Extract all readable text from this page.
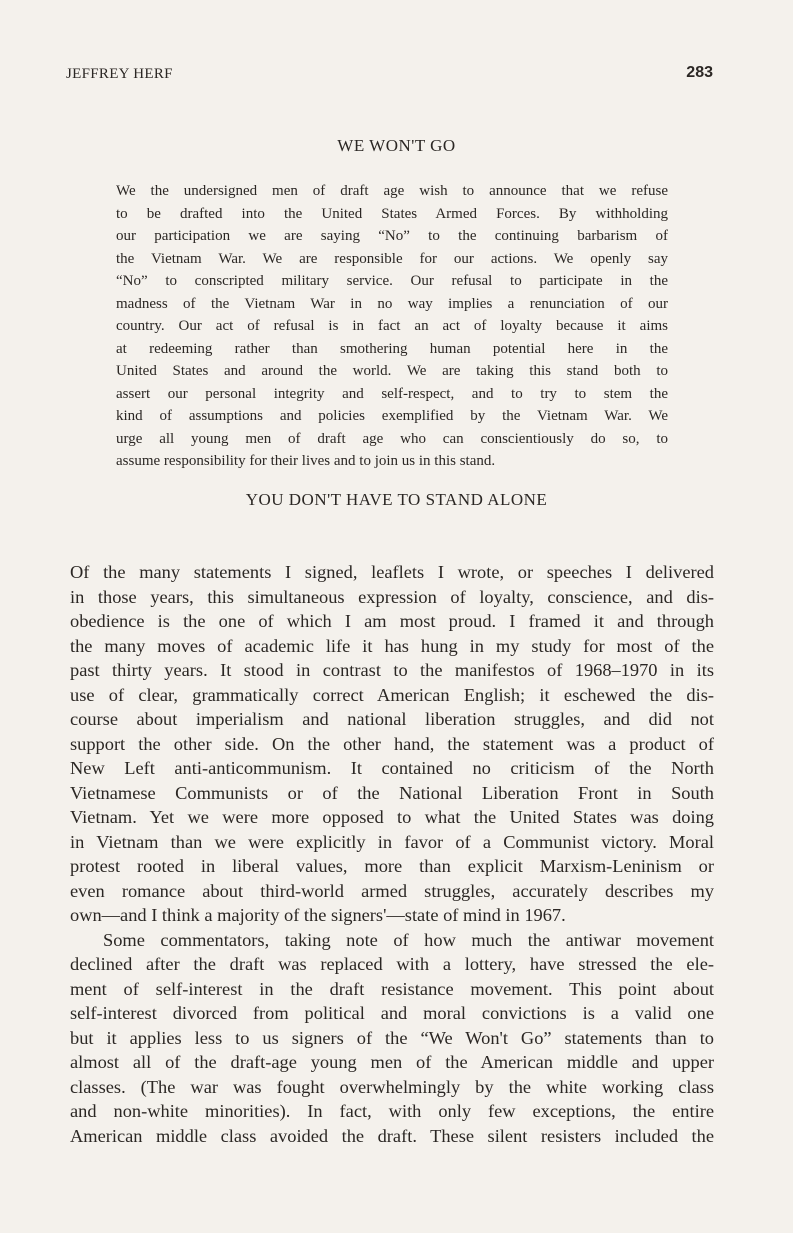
JEFFREY HERF	283
WE WON'T GO
We the undersigned men of draft age wish to announce that we refuse
to be drafted into the United States Armed Forces. By withholding
our participation we are saying “No” to the continuing barbarism of
the Vietnam War. We are responsible for our actions. We openly say
“No” to conscripted military service. Our refusal to participate in the
madness of the Vietnam War in no way implies a renunciation of our
country. Our act of refusal is in fact an act of loyalty because it aims
at redeeming rather than smothering human potential here in the
United States and around the world. We are taking this stand both to
assert our personal integrity and self-respect, and to try to stem the
kind of assumptions and policies exemplified by the Vietnam War. We
urge all young men of draft age who can conscientiously do so, to
assume responsibility for their lives and to join us in this stand.
YOU DON'T HAVE TO STAND ALONE
Of the many statements I signed, leaflets I wrote, or speeches I delivered
in those years, this simultaneous expression of loyalty, conscience, and dis-
obedience is the one of which I am most proud. I framed it and through
the many moves of academic life it has hung in my study for most of the
past thirty years. It stood in contrast to the manifestos of 1968–1970 in its
use of clear, grammatically correct American English; it eschewed the dis-
course about imperialism and national liberation struggles, and did not
support the other side. On the other hand, the statement was a product of
New Left anti-anticommunism. It contained no criticism of the North
Vietnamese Communists or of the National Liberation Front in South
Vietnam. Yet we were more opposed to what the United States was doing
in Vietnam than we were explicitly in favor of a Communist victory. Moral
protest rooted in liberal values, more than explicit Marxism-Leninism or
even romance about third-world armed struggles, accurately describes my
own—and I think a majority of the signers'—state of mind in 1967.
Some commentators, taking note of how much the antiwar movement
declined after the draft was replaced with a lottery, have stressed the ele-
ment of self-interest in the draft resistance movement. This point about
self-interest divorced from political and moral convictions is a valid one
but it applies less to us signers of the “We Won't Go” statements than to
almost all of the draft-age young men of the American middle and upper
classes. (The war was fought overwhelmingly by the white working class
and non-white minorities). In fact, with only few exceptions, the entire
American middle class avoided the draft. These silent resisters included the
